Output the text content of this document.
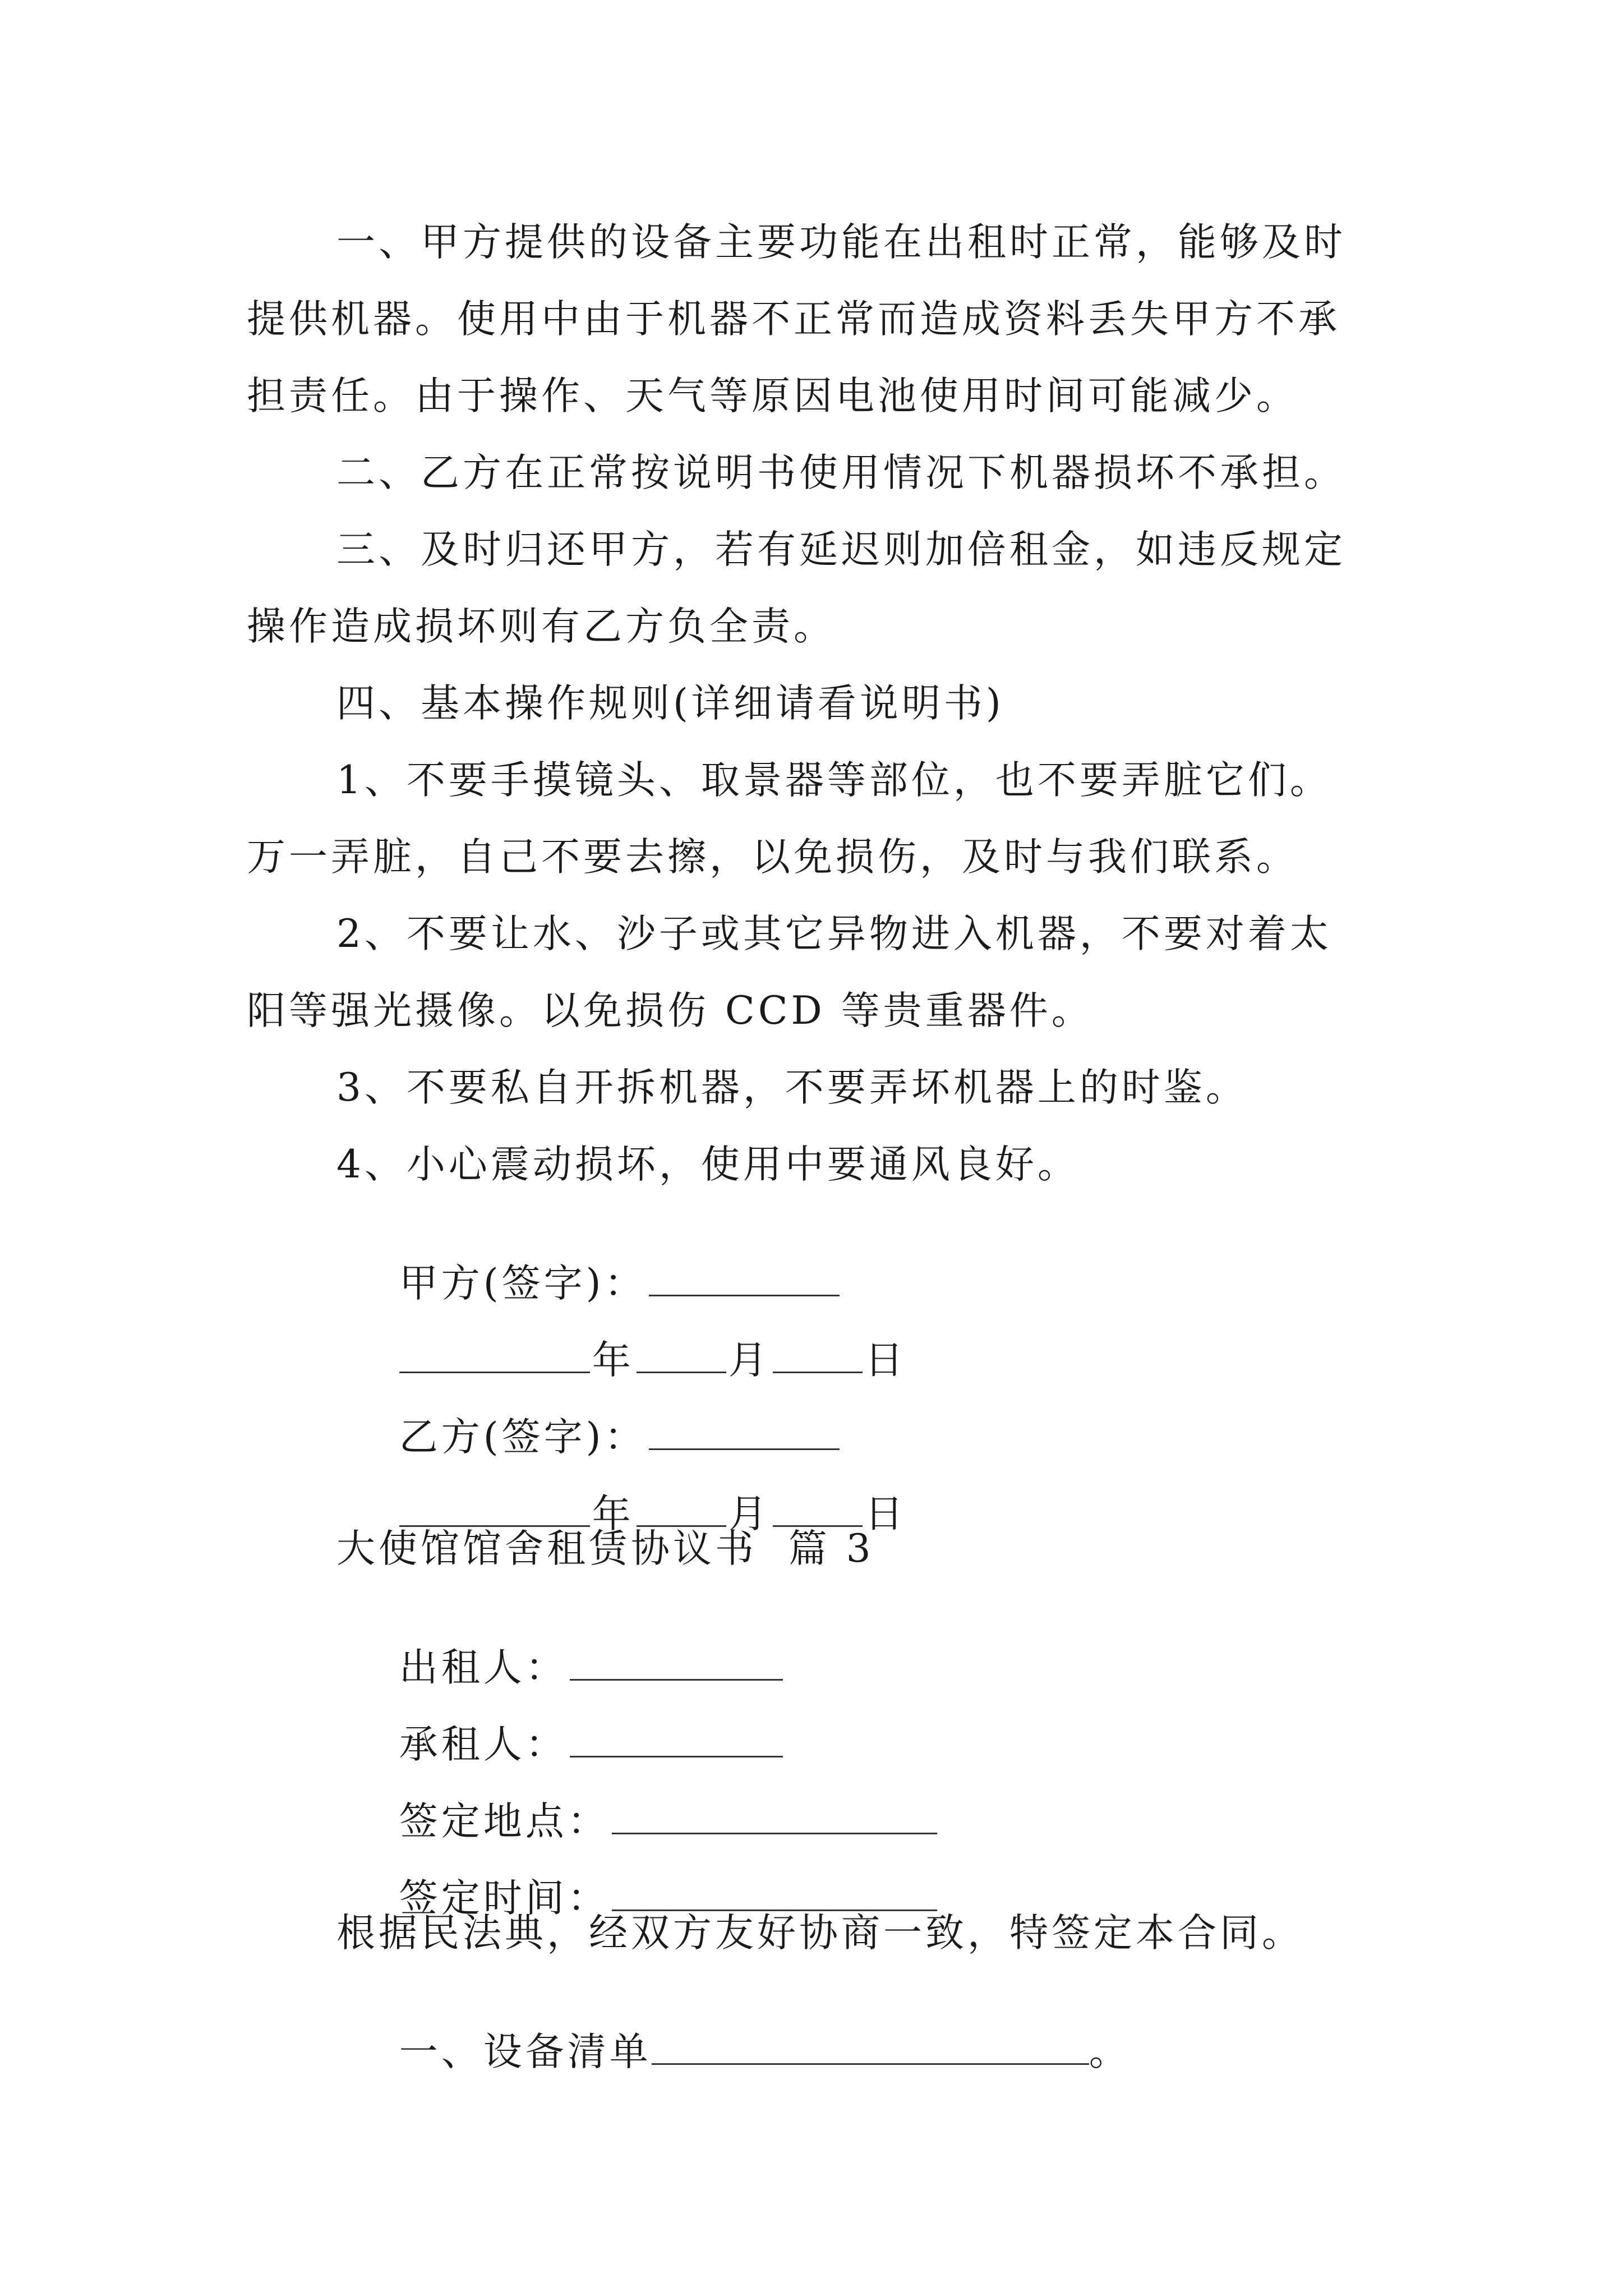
一、甲方提供的设备主要功能在出租时正常，能够及时
提供机器。使用中由于机器不正常而造成资料丢失甲方不承
担责任。由于操作、天气等原因电池使用时间可能减少。
二、乙方在正常按说明书使用情况下机器损坏不承担。
三、及时归还甲方，若有延迟则加倍租金，如违反规定
操作造成损坏则有乙方负全责。
四、基本操作规则(详细请看说明书)
1、不要手摸镜头、取景器等部位，也不要弄脏它们。
万一弄脏，自己不要去擦，以免损伤，及时与我们联系。
2、不要让水、沙子或其它异物进入机器，不要对着太
阳等强光摄像。以免损伤 CCD 等贵重器件。
3、不要私自开拆机器，不要弄坏机器上的时鉴。
4、小心震动损坏，使用中要通风良好。

甲方(签字)：

年 月 日

乙方(签字)：

年 月 日

大使馆馆舍租赁协议书  篇 3

出租人：

承租人：

签定地点：

签定时间：

根据民法典，经双方友好协商一致，特签定本合同。

一、设备清单	。
